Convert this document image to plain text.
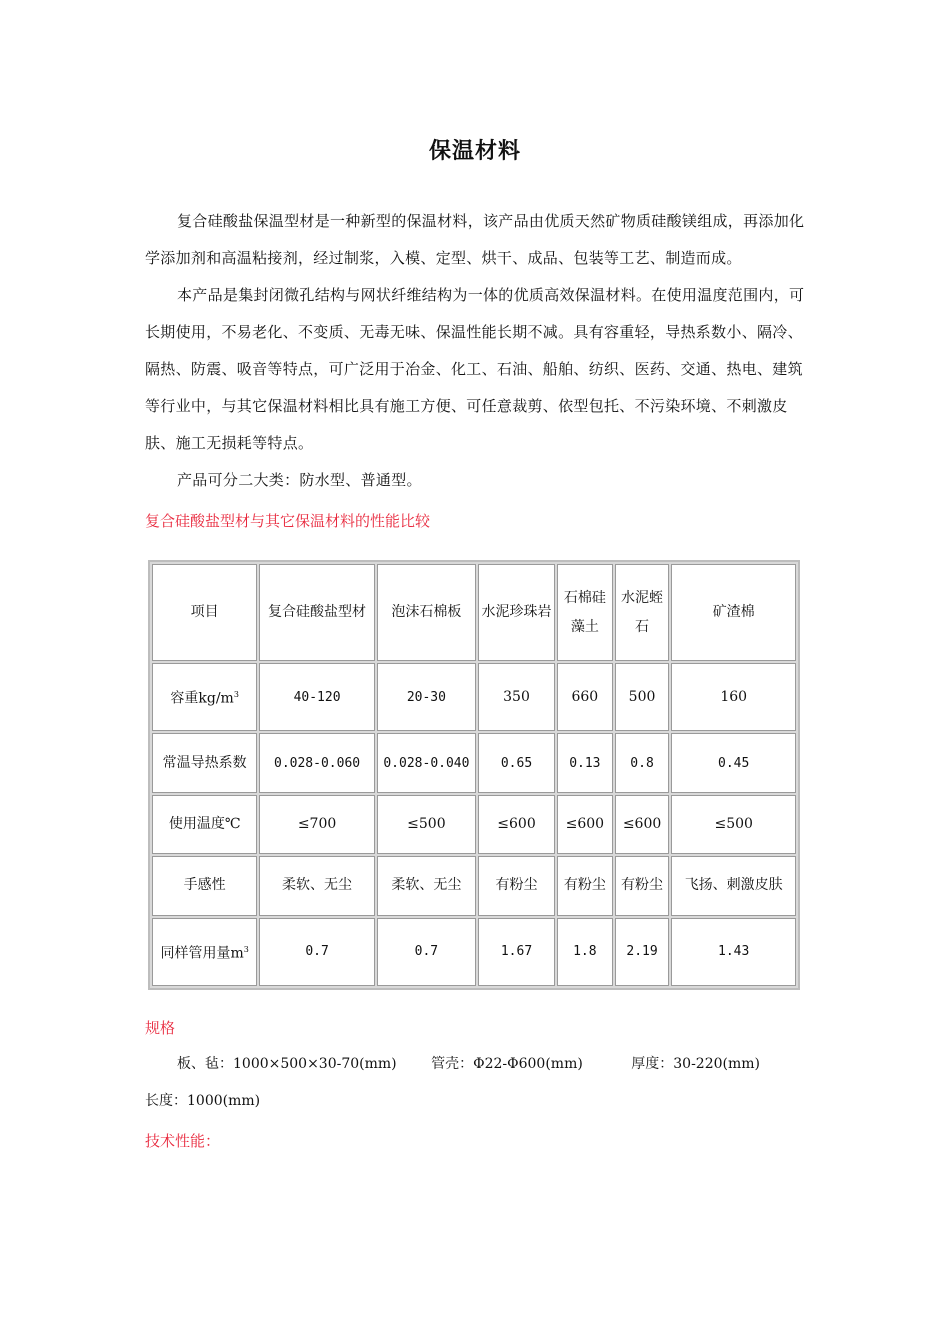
保温材料
复合硅酸盐保温型材是一种新型的保温材料，该产品由优质天然矿物质硅酸镁组成，再添加化学添加剂和高温粘接剂，经过制浆，入模、定型、烘干、成品、包装等工艺、制造而成。
本产品是集封闭微孔结构与网状纤维结构为一体的优质高效保温材料。在使用温度范围内，可长期使用，不易老化、不变质、无毒无味、保温性能长期不减。具有容重轻，导热系数小、隔冷、隔热、防震、吸音等特点，可广泛用于冶金、化工、石油、船舶、纺织、医药、交通、热电、建筑等行业中，与其它保温材料相比具有施工方便、可任意裁剪、依型包托、不污染环境、不刺激皮肤、施工无损耗等特点。
产品可分二大类：防水型、普通型。
复合硅酸盐型材与其它保温材料的性能比较
项目	复合硅酸盐型材	泡沫石棉板	水泥珍珠岩	石棉硅藻土	水泥蛭石	矿渣棉
容重$kg/m^3$	40-120	20-30	350	660	500	160
常温导热系数	0.028-0.060	0.028-0.040	0.65	0.13	0.8	0.45
使用温度℃	≤700	≤500	≤600	≤600	≤600	≤500
手感性	柔软、无尘	柔软、无尘	有粉尘	有粉尘	有粉尘	飞扬、刺激皮肤
同样管用量$m^3$	0.7	0.7	1.67	1.8	2.19	1.43
规格
板、毡：1000×500×30-70(mm) 管壳：Φ22-Φ600(mm)	厚度：30-220(mm)
长度：1000(mm)
技术性能：
